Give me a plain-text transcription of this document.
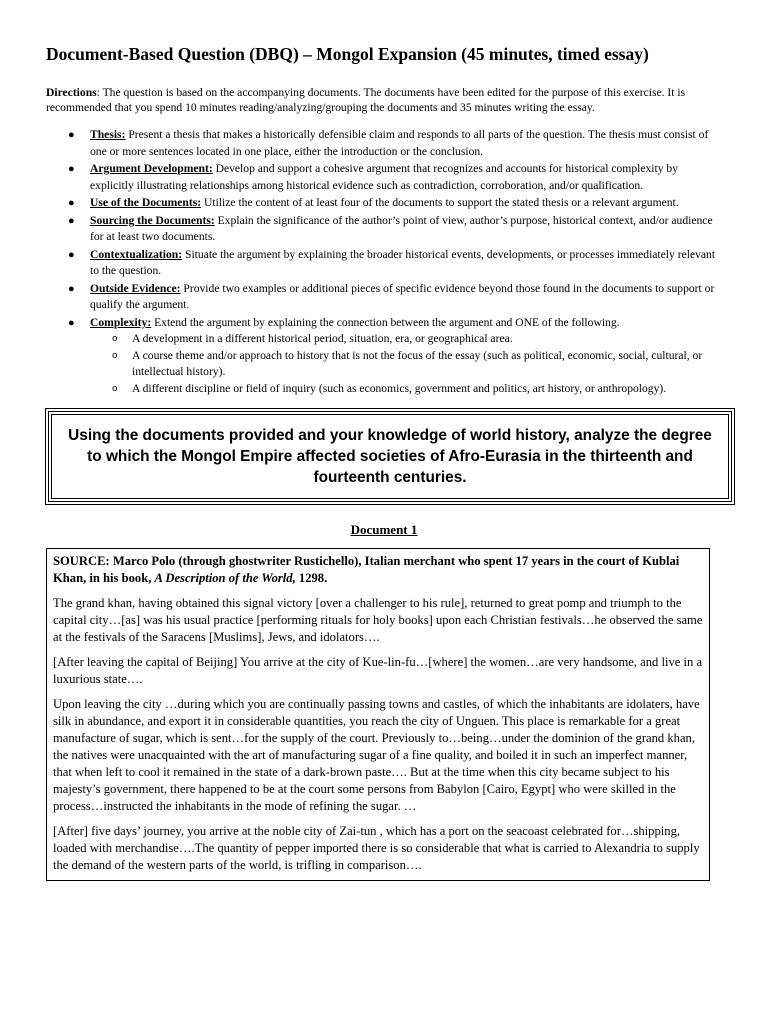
Document-Based Question (DBQ) – Mongol Expansion (45 minutes, timed essay)

Directions: The question is based on the accompanying documents. The documents have been edited for the purpose of this exercise. It is recommended that you spend 10 minutes reading/analyzing/grouping the documents and 35 minutes writing the essay.

● Thesis: Present a thesis that makes a historically defensible claim and responds to all parts of the question. The thesis must consist of one or more sentences located in one place, either the introduction or the conclusion.
● Argument Development: Develop and support a cohesive argument that recognizes and accounts for historical complexity by explicitly illustrating relationships among historical evidence such as contradiction, corroboration, and/or qualification.
● Use of the Documents: Utilize the content of at least four of the documents to support the stated thesis or a relevant argument.
● Sourcing the Documents: Explain the significance of the author’s point of view, author’s purpose, historical context, and/or audience for at least two documents.
● Contextualization: Situate the argument by explaining the broader historical events, developments, or processes immediately relevant to the question.
● Outside Evidence: Provide two examples or additional pieces of specific evidence beyond those found in the documents to support or qualify the argument.
● Complexity: Extend the argument by explaining the connection between the argument and ONE of the following.
o A development in a different historical period, situation, era, or geographical area.
o A course theme and/or approach to history that is not the focus of the essay (such as political, economic, social, cultural, or intellectual history).
o A different discipline or field of inquiry (such as economics, government and politics, art history, or anthropology).
Using the documents provided and your knowledge of world history, analyze the degree to which the Mongol Empire affected societies of Afro-Eurasia in the thirteenth and fourteenth centuries.
Document 1

SOURCE: Marco Polo (through ghostwriter Rustichello), Italian merchant who spent 17 years in the court of Kublai Khan, in his book, A Description of the World, 1298.

The grand khan, having obtained this signal victory [over a challenger to his rule], returned to great pomp and triumph to the capital city…[as] was his usual practice [performing rituals for holy books] upon each Christian festivals…he observed the same at the festivals of the Saracens [Muslims], Jews, and idolators….

[After leaving the capital of Beijing] You arrive at the city of Kue-lin-fu…[where] the women…are very handsome, and live in a luxurious state….

Upon leaving the city …during which you are continually passing towns and castles, of which the inhabitants are idolaters, have silk in abundance, and export it in considerable quantities, you reach the city of Unguen. This place is remarkable for a great manufacture of sugar, which is sent…for the supply of the court. Previously to…being…under the dominion of the grand khan, the natives were unacquainted with the art of manufacturing sugar of a fine quality, and boiled it in such an imperfect manner, that when left to cool it remained in the state of a dark-brown paste…. But at the time when this city became subject to his majesty’s government, there happened to be at the court some persons from Babylon [Cairo, Egypt] who were skilled in the process…instructed the inhabitants in the mode of refining the sugar. …

[After] five days’ journey, you arrive at the noble city of Zai-tun , which has a port on the seacoast celebrated for…shipping, loaded with merchandise….The quantity of pepper imported there is so considerable that what is carried to Alexandria to supply the demand of the western parts of the world, is trifling in comparison….
